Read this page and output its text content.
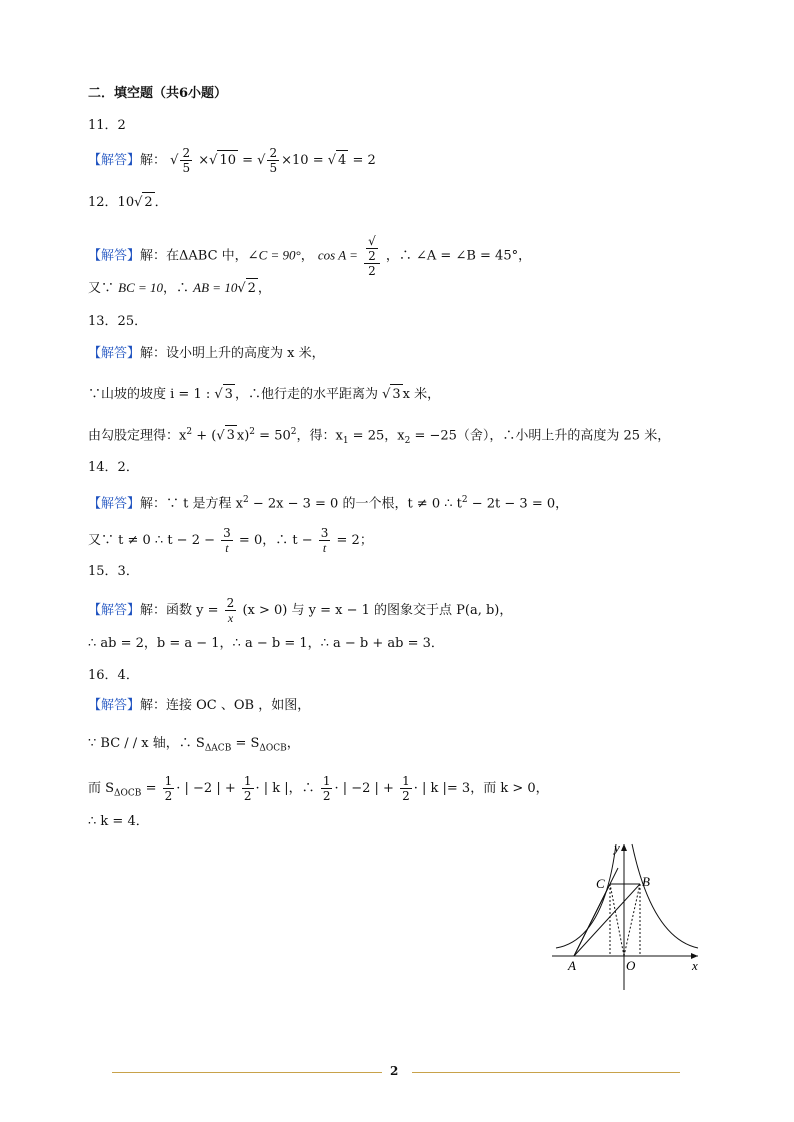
二．填空题（共6小题）
11．2
【解答】解： √ $\frac{2}{5}$ ×√ 10 = √ $\frac{2}{5} \times 10$ = √ 4 = 2
12．10√ 2 ．
【解答】解：在ΔABC 中，∠C = 90°， cos A = √
2
2 ，∴ ∠A = ∠B = 45°，
又∵ BC = 10，∴ AB = 10√ 2 ，
13．25．
【解答】解：设小明上升的高度为 x 米，
∵山坡的坡度 i = 1 : √ 3 ，∴他行走的水平距离为 √ 3 x 米，
由勾股定理得：$x^2$ + (√ 3 $x)^2 = 50^2$，得：$x_1 = 25$，$x_2 = -25$（舍），∴小明上升的高度为 25 米，
14．2．
【解答】解：∵ t 是方程 $x^2 - 2x - 3 = 0$ 的一个根，t ≠ 0 ∴ $t^2 - 2t - 3 = 0$，
又∵ t ≠ 0 ∴ $t - 2 - \frac{3}{t} = 0$，∴ $t - \frac{3}{t} = 2$；
15．3．
【解答】解：函数 $y = \frac{2}{x} (x > 0)$ 与 y = x − 1 的图象交于点 P(a, b)，
∴ ab = 2，b = a − 1，∴ a − b = 1，∴ a − b + ab = 3．
16．4．
【解答】解：连接 OC 、OB ，如图，
∵ BC / / x 轴，∴ $S_{\Delta ACB} = S_{\Delta OCB}$，
而 $S_{\Delta OCB} = \frac{1}{2}$ · | −2 | + $\frac{1}{2}$ · | k |，∴ $\frac{1}{2}$ · | −2 | + $\frac{1}{2}$ · | k |= 3，而 k > 0，
∴ k = 4．
y
x
C	B
A	O
2
